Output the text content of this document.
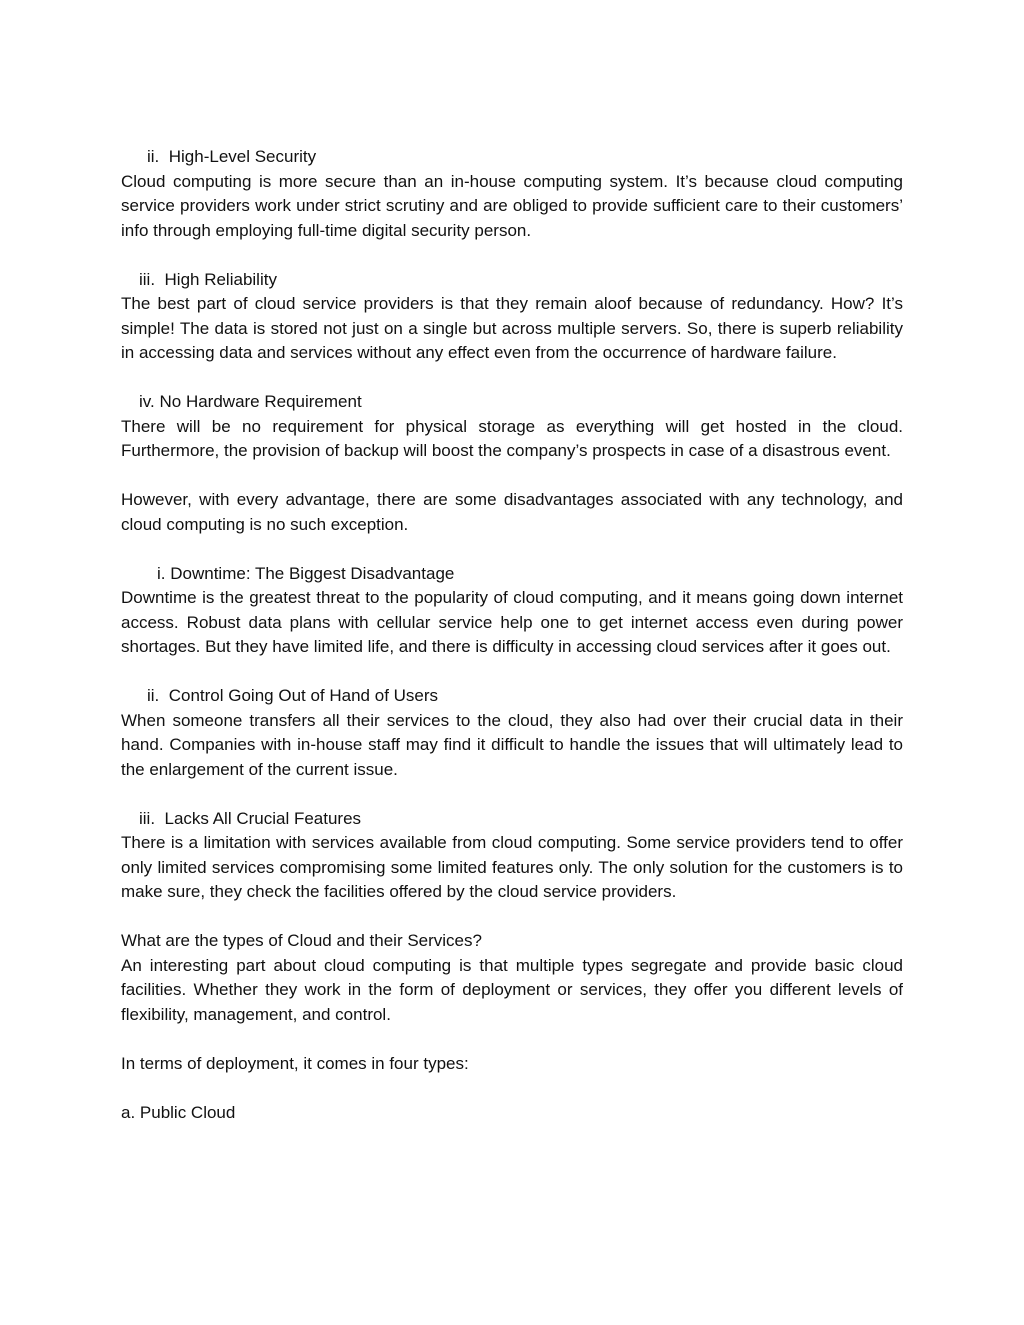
ii. High-Level Security

Cloud computing is more secure than an in-house computing system. It’s because cloud computing service providers work under strict scrutiny and are obliged to provide sufficient care to their customers’ info through employing full-time digital security person.

iii. High Reliability

The best part of cloud service providers is that they remain aloof because of redundancy. How? It’s simple! The data is stored not just on a single but across multiple servers. So, there is superb reliability in accessing data and services without any effect even from the occurrence of hardware failure.

iv. No Hardware Requirement

There will be no requirement for physical storage as everything will get hosted in the cloud. Furthermore, the provision of backup will boost the company’s prospects in case of a disastrous event.

However, with every advantage, there are some disadvantages associated with any technology, and cloud computing is no such exception.

i. Downtime: The Biggest Disadvantage

Downtime is the greatest threat to the popularity of cloud computing, and it means going down internet access. Robust data plans with cellular service help one to get internet access even during power shortages. But they have limited life, and there is difficulty in accessing cloud services after it goes out.

ii. Control Going Out of Hand of Users

When someone transfers all their services to the cloud, they also had over their crucial data in their hand. Companies with in-house staff may find it difficult to handle the issues that will ultimately lead to the enlargement of the current issue.

iii. Lacks All Crucial Features

There is a limitation with services available from cloud computing. Some service providers tend to offer only limited services compromising some limited features only. The only solution for the customers is to make sure, they check the facilities offered by the cloud service providers.

What are the types of Cloud and their Services?

An interesting part about cloud computing is that multiple types segregate and provide basic cloud facilities. Whether they work in the form of deployment or services, they offer you different levels of flexibility, management, and control.

In terms of deployment, it comes in four types:

a. Public Cloud
